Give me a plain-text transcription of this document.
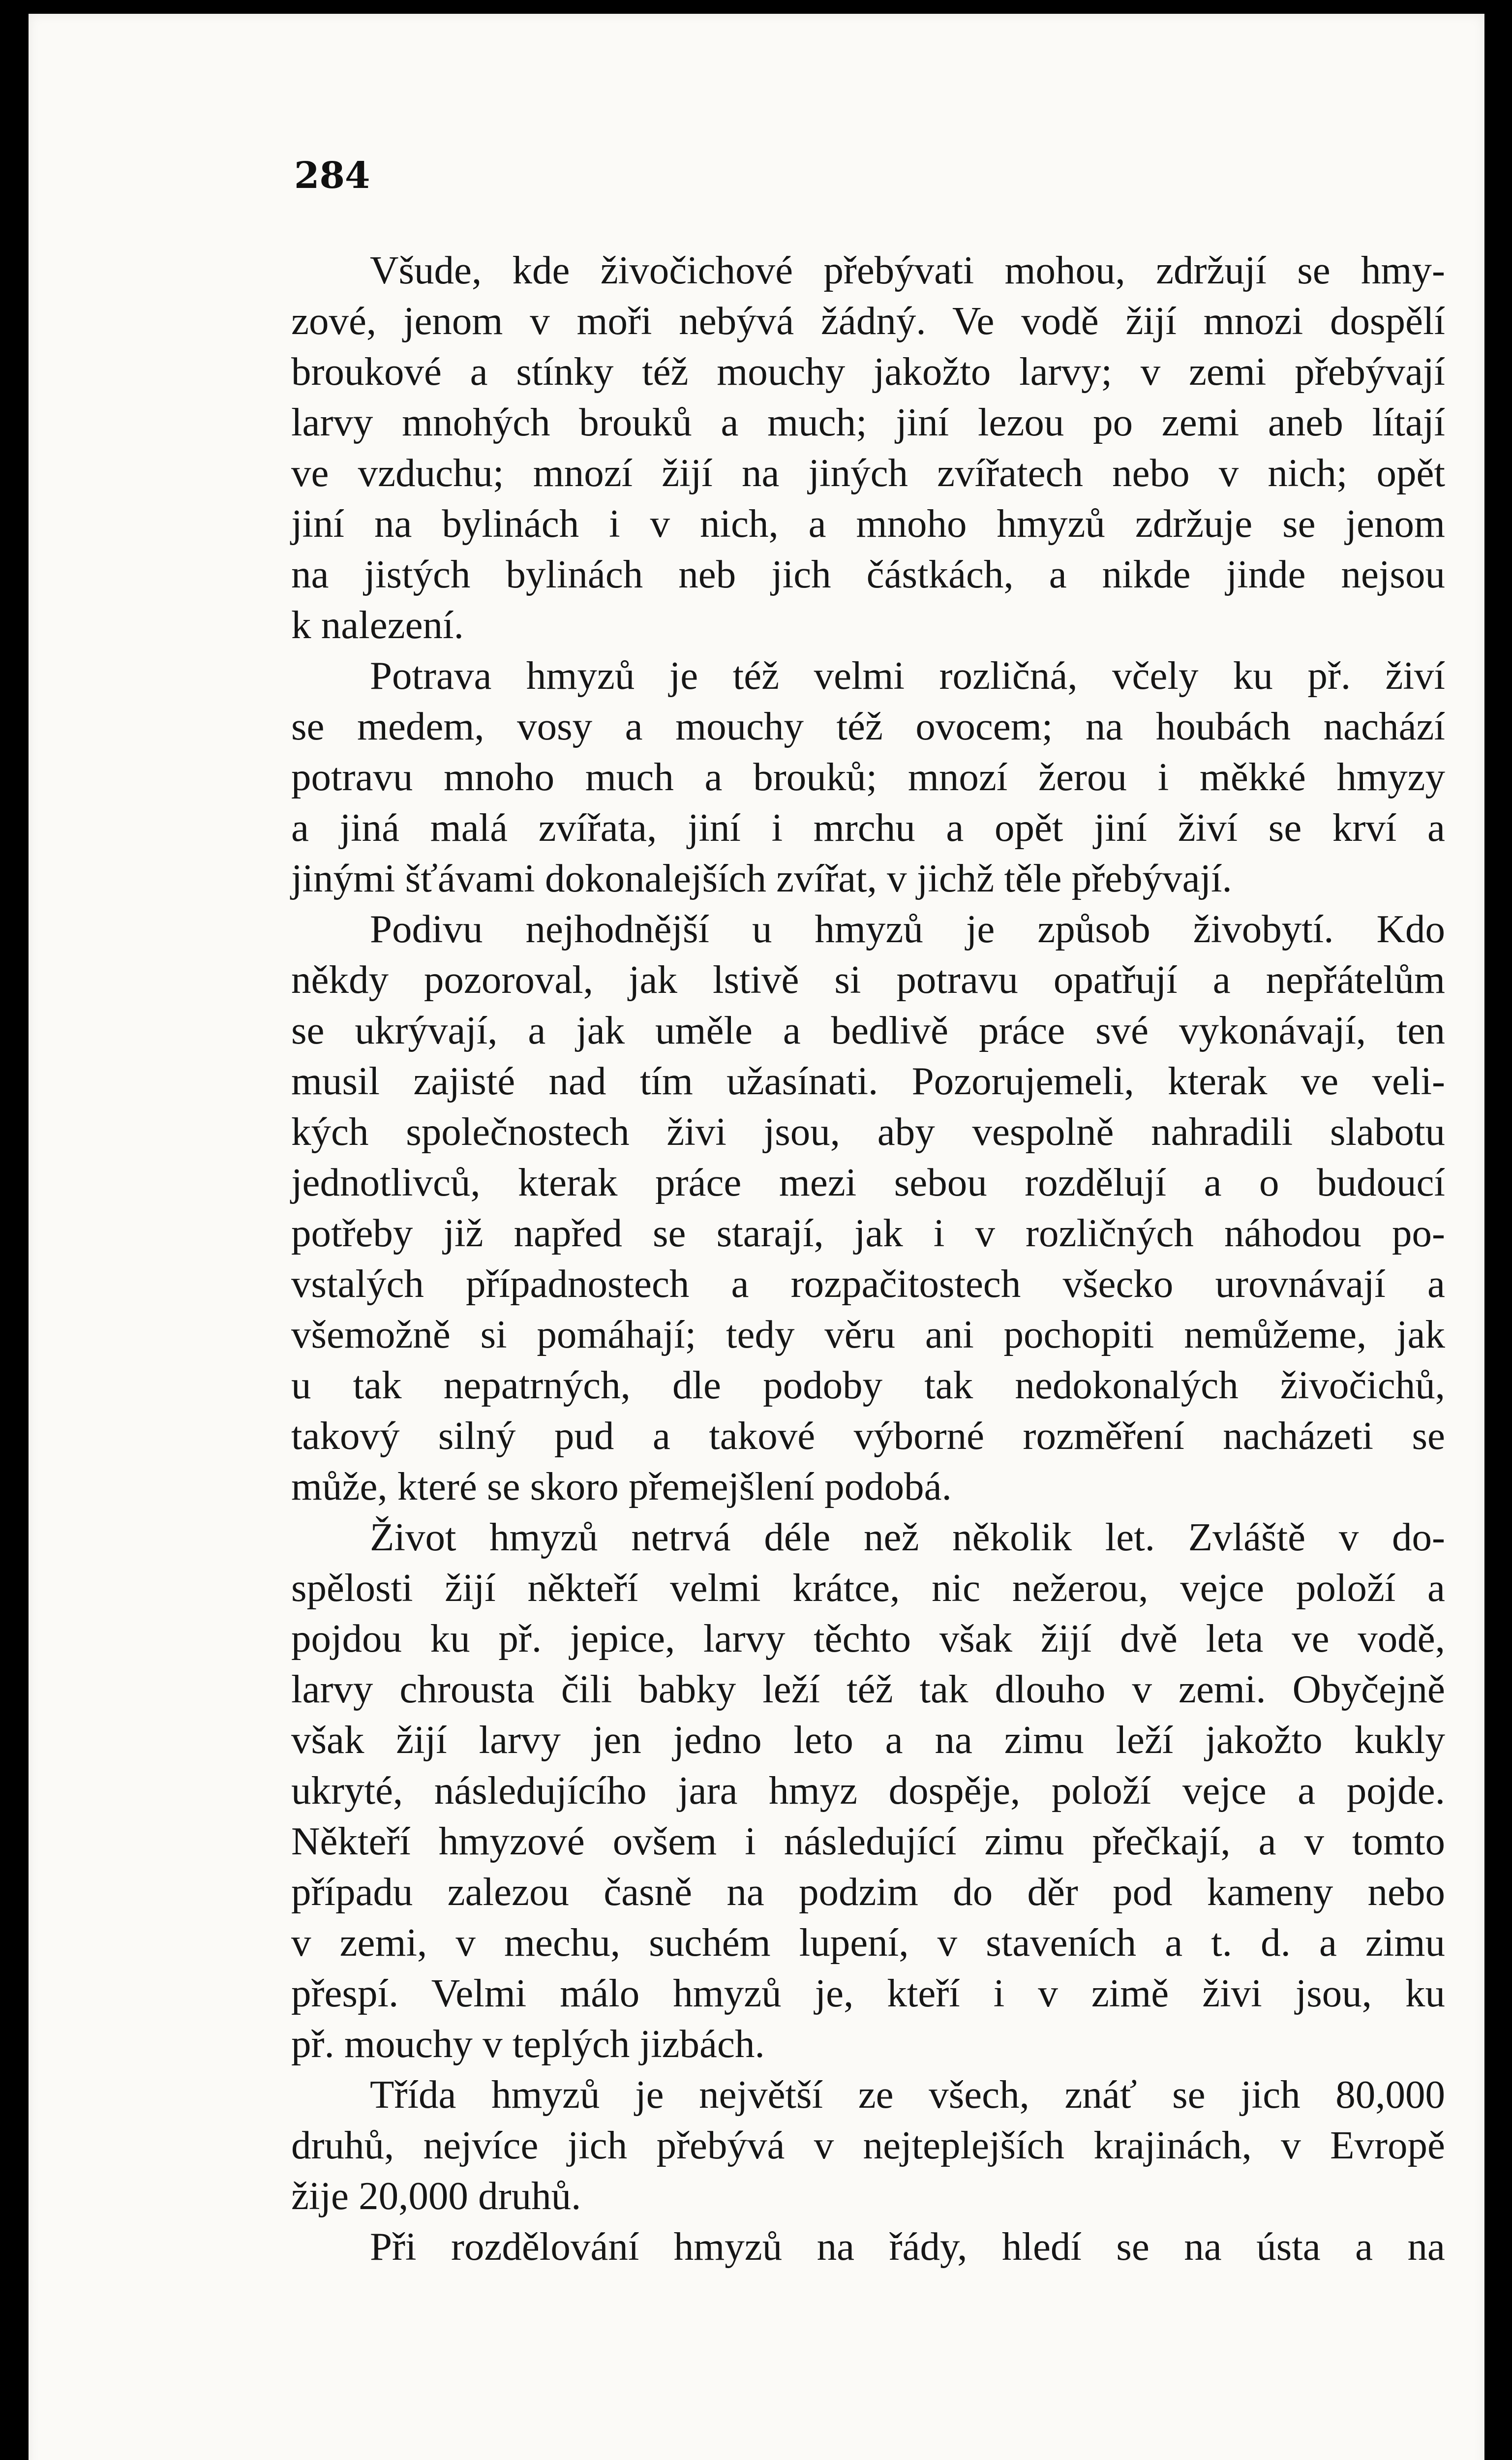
284
Všude, kde živočichové přebývati mohou, zdržují se hmy-
zové, jenom v moři nebývá žádný. Ve vodě žijí mnozi dospělí
broukové a stínky též mouchy jakožto larvy; v zemi přebývají
larvy mnohých brouků a much; jiní lezou po zemi aneb lítají
ve vzduchu; mnozí žijí na jiných zvířatech nebo v nich; opět
jiní na bylinách i v nich, a mnoho hmyzů zdržuje se jenom
na jistých bylinách neb jich částkách, a nikde jinde nejsou
k nalezení.
Potrava hmyzů je též velmi rozličná, včely ku př. živí
se medem, vosy a mouchy též ovocem; na houbách nachází
potravu mnoho much a brouků; mnozí žerou i měkké hmyzy
a jiná malá zvířata, jiní i mrchu a opět jiní živí se krví a
jinými šťávami dokonalejších zvířat, v jichž těle přebývají.
Podivu nejhodnější u hmyzů je způsob živobytí. Kdo
někdy pozoroval, jak lstivě si potravu opatřují a nepřátelům
se ukrývají, a jak uměle a bedlivě práce své vykonávají, ten
musil zajisté nad tím užasínati. Pozorujemeli, kterak ve veli-
kých společnostech živi jsou, aby vespolně nahradili slabotu
jednotlivců, kterak práce mezi sebou rozdělují a o budoucí
potřeby již napřed se starají, jak i v rozličných náhodou po-
vstalých případnostech a rozpačitostech všecko urovnávají a
všemožně si pomáhají; tedy věru ani pochopiti nemůžeme, jak
u tak nepatrných, dle podoby tak nedokonalých živočichů,
takový silný pud a takové výborné rozměření nacházeti se
může, které se skoro přemejšlení podobá.
Život hmyzů netrvá déle než několik let. Zvláště v do-
spělosti žijí někteří velmi krátce, nic nežerou, vejce položí a
pojdou ku př. jepice, larvy těchto však žijí dvě leta ve vodě,
larvy chrousta čili babky leží též tak dlouho v zemi. Obyčejně
však žijí larvy jen jedno leto a na zimu leží jakožto kukly
ukryté, následujícího jara hmyz dospěje, položí vejce a pojde.
Někteří hmyzové ovšem i následující zimu přečkají, a v tomto
případu zalezou časně na podzim do děr pod kameny nebo
v zemi, v mechu, suchém lupení, v staveních a t. d. a zimu
přespí. Velmi málo hmyzů je, kteří i v zimě živi jsou, ku
př. mouchy v teplých jizbách.
Třída hmyzů je největší ze všech, znáť se jich 80,000
druhů, nejvíce jich přebývá v nejteplejších krajinách, v Evropě
žije 20,000 druhů.
Při rozdělování hmyzů na řády, hledí se na ústa a na
